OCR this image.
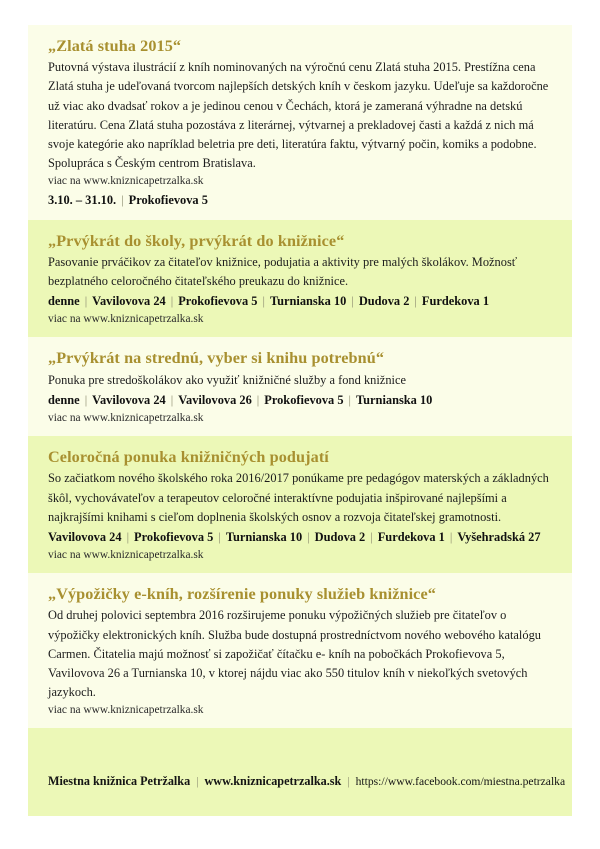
„Zlatá stuha 2015“

Putovná výstava ilustrácií z kníh nominovaných na výročnú cenu Zlatá stuha 2015. Prestížna cena Zlatá stuha je udeľovaná tvorcom najlepších detských kníh v českom jazyku. Udeľuje sa každoročne už viac ako dvadsať rokov a je jedinou cenou v Čechách, ktorá je zameraná výhradne na detskú literatúru. Cena Zlatá stuha pozostáva z literárnej, výtvarnej a prekladovej časti a každá z nich má svoje kategórie ako napríklad beletria pre deti, literatúra faktu, výtvarný počin, komiks a podobne. Spolupráca s Českým centrom Bratislava.

viac na www.kniznicapetrzalka.sk

3.10. – 31.10. | Prokofievova 5
„Prvýkrát do školy, prvýkrát do knižnice“

Pasovanie prváčikov za čitateľov knižnice, podujatia a aktivity pre malých školákov. Možnosť bezplatného celoročného čitateľského preukazu do knižnice.

denne | Vavilovova 24 | Prokofievova 5 | Turnianska 10 | Dudova 2 | Furdekova 1

viac na www.kniznicapetrzalka.sk

„Prvýkrát na strednú, vyber si knihu potrebnú“

Ponuka pre stredoškolákov ako využiť knižničné služby a fond knižnice

denne | Vavilovova 24 | Vavilovova 26 | Prokofievova 5 | Turnianska 10

viac na www.kniznicapetrzalka.sk

Celoročná ponuka knižničných podujatí

So začiatkom nového školského roka 2016/2017 ponúkame pre pedagógov materských a základných škôl, vychovávateľov a terapeutov celoročné interaktívne podujatia inšpirované najlepšími a najkrajšími knihami s cieľom doplnenia školských osnov a rozvoja čitateľskej gramotnosti.

Vavilovova 24 | Prokofievova 5 | Turnianska 10 | Dudova 2 | Furdekova 1 | Vyšehradská 27

viac na www.kniznicapetrzalka.sk

„Výpožičky e-kníh, rozšírenie ponuky služieb knižnice“

Od druhej polovici septembra 2016 rozširujeme ponuku výpožičných služieb pre čitateľov o výpožičky elektronických kníh. Služba bude dostupná prostredníctvom nového webového katalógu Carmen. Čitatelia majú možnosť si zapožičať čítačku e- kníh na pobočkách Prokofievova 5, Vavilovova 26 a Turnianska 10, v ktorej nájdu viac ako 550 titulov kníh v niekoľkých svetových jazykoch.

viac na www.kniznicapetrzalka.sk

Miestna knižnica Petržalka | www.kniznicapetrzalka.sk | https://www.facebook.com/miestna.petrzalka
